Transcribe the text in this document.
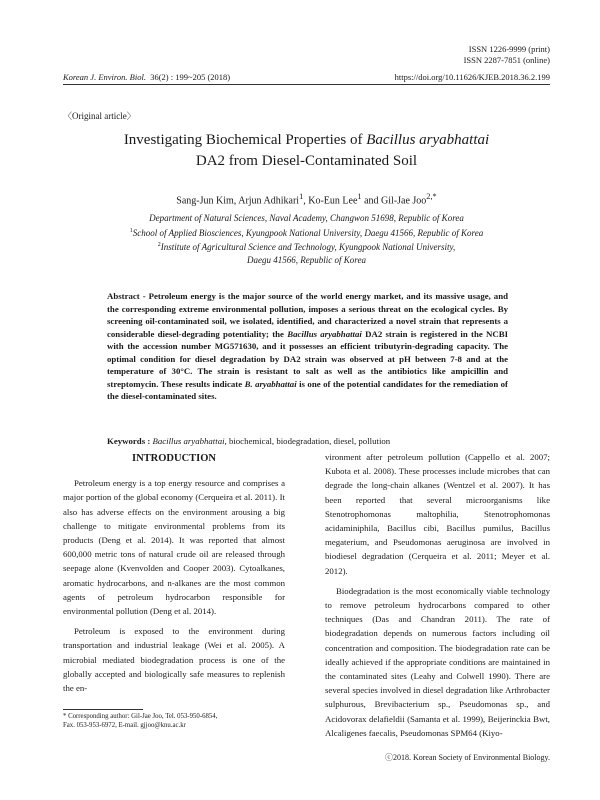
ISSN 1226-9999 (print)
ISSN 2287-7851 (online)
Korean J. Environ. Biol. 36(2) : 199~205 (2018)	https://doi.org/10.11626/KJEB.2018.36.2.199
〈Original article〉
Investigating Biochemical Properties of Bacillus aryabhattai
DA2 from Diesel-Contaminated Soil
Sang-Jun Kim, Arjun Adhikari$^1$, Ko-Eun Lee$^1$ and Gil-Jae Joo$^{2,*}$
Department of Natural Sciences, Naval Academy, Changwon 51698, Republic of Korea
$^1$School of Applied Biosciences, Kyungpook National University, Daegu 41566, Republic of Korea
$^2$Institute of Agricultural Science and Technology, Kyungpook National University,
Daegu 41566, Republic of Korea
Abstract - Petroleum energy is the major source of the world energy market, and its massive usage, and the corresponding extreme environmental pollution, imposes a serious threat on the ecological cycles. By screening oil-contaminated soil, we isolated, identified, and characterized a novel strain that represents a considerable diesel-degrading potentiality; the Bacillus aryabhattai DA2 strain is registered in the NCBI with the accession number MG571630, and it possesses an efficient tributyrin-degrading capacity. The optimal condition for diesel degradation by DA2 strain was observed at pH between 7-8 and at the temperature of 30°C. The strain is resistant to salt as well as the antibiotics like ampicillin and streptomycin. These results indicate B. aryabhattai is one of the potential candidates for the remediation of the diesel-contaminated sites.
Keywords : Bacillus aryabhattai, biochemical, biodegradation, diesel, pollution
INTRODUCTION

Petroleum energy is a top energy resource and comprises a major portion of the global economy (Cerqueira et al. 2011). It also has adverse effects on the environment arousing a big challenge to mitigate environmental problems from its products (Deng et al. 2014). It was reported that almost 600,000 metric tons of natural crude oil are released through seepage alone (Kvenvolden and Cooper 2003). Cytoalkanes, aromatic hydrocarbons, and n-alkanes are the most common agents of petroleum hydrocarbon responsible for environmental pollution (Deng et al. 2014).

Petroleum is exposed to the environment during transportation and industrial leakage (Wei et al. 2005). A microbial mediated biodegradation process is one of the globally accepted and biologically safe measures to replenish the en-

vironment after petroleum pollution (Cappello et al. 2007; Kubota et al. 2008). These processes include microbes that can degrade the long-chain alkanes (Wentzel et al. 2007). It has been reported that several microorganisms like Stenotrophomonas maltophilia, Stenotrophomonas acidaminiphila, Bacillus cibi, Bacillus pumilus, Bacillus megaterium, and Pseudomonas aeruginosa are involved in biodiesel degradation (Cerqueira et al. 2011; Meyer et al. 2012).

Biodegradation is the most economically viable technology to remove petroleum hydrocarbons compared to other techniques (Das and Chandran 2011). The rate of biodegradation depends on numerous factors including oil concentration and composition. The biodegradation rate can be ideally achieved if the appropriate conditions are maintained in the contaminated sites (Leahy and Colwell 1990). There are several species involved in diesel degradation like Arthrobacter sulphurous, Brevibacterium sp., Pseudomonas sp., and Acidovorax delafieldii (Samanta et al. 1999), Beijerinckia Bwt, Alcaligenes faecalis, Pseudomonas SPM64 (Kiyo-

* Corresponding author: Gil-Jae Joo, Tel. 053-950-6854,
Fax. 053-953-6972, E-mail. gjjoo@knu.ac.kr
ⓒ2018. Korean Society of Environmental Biology.
